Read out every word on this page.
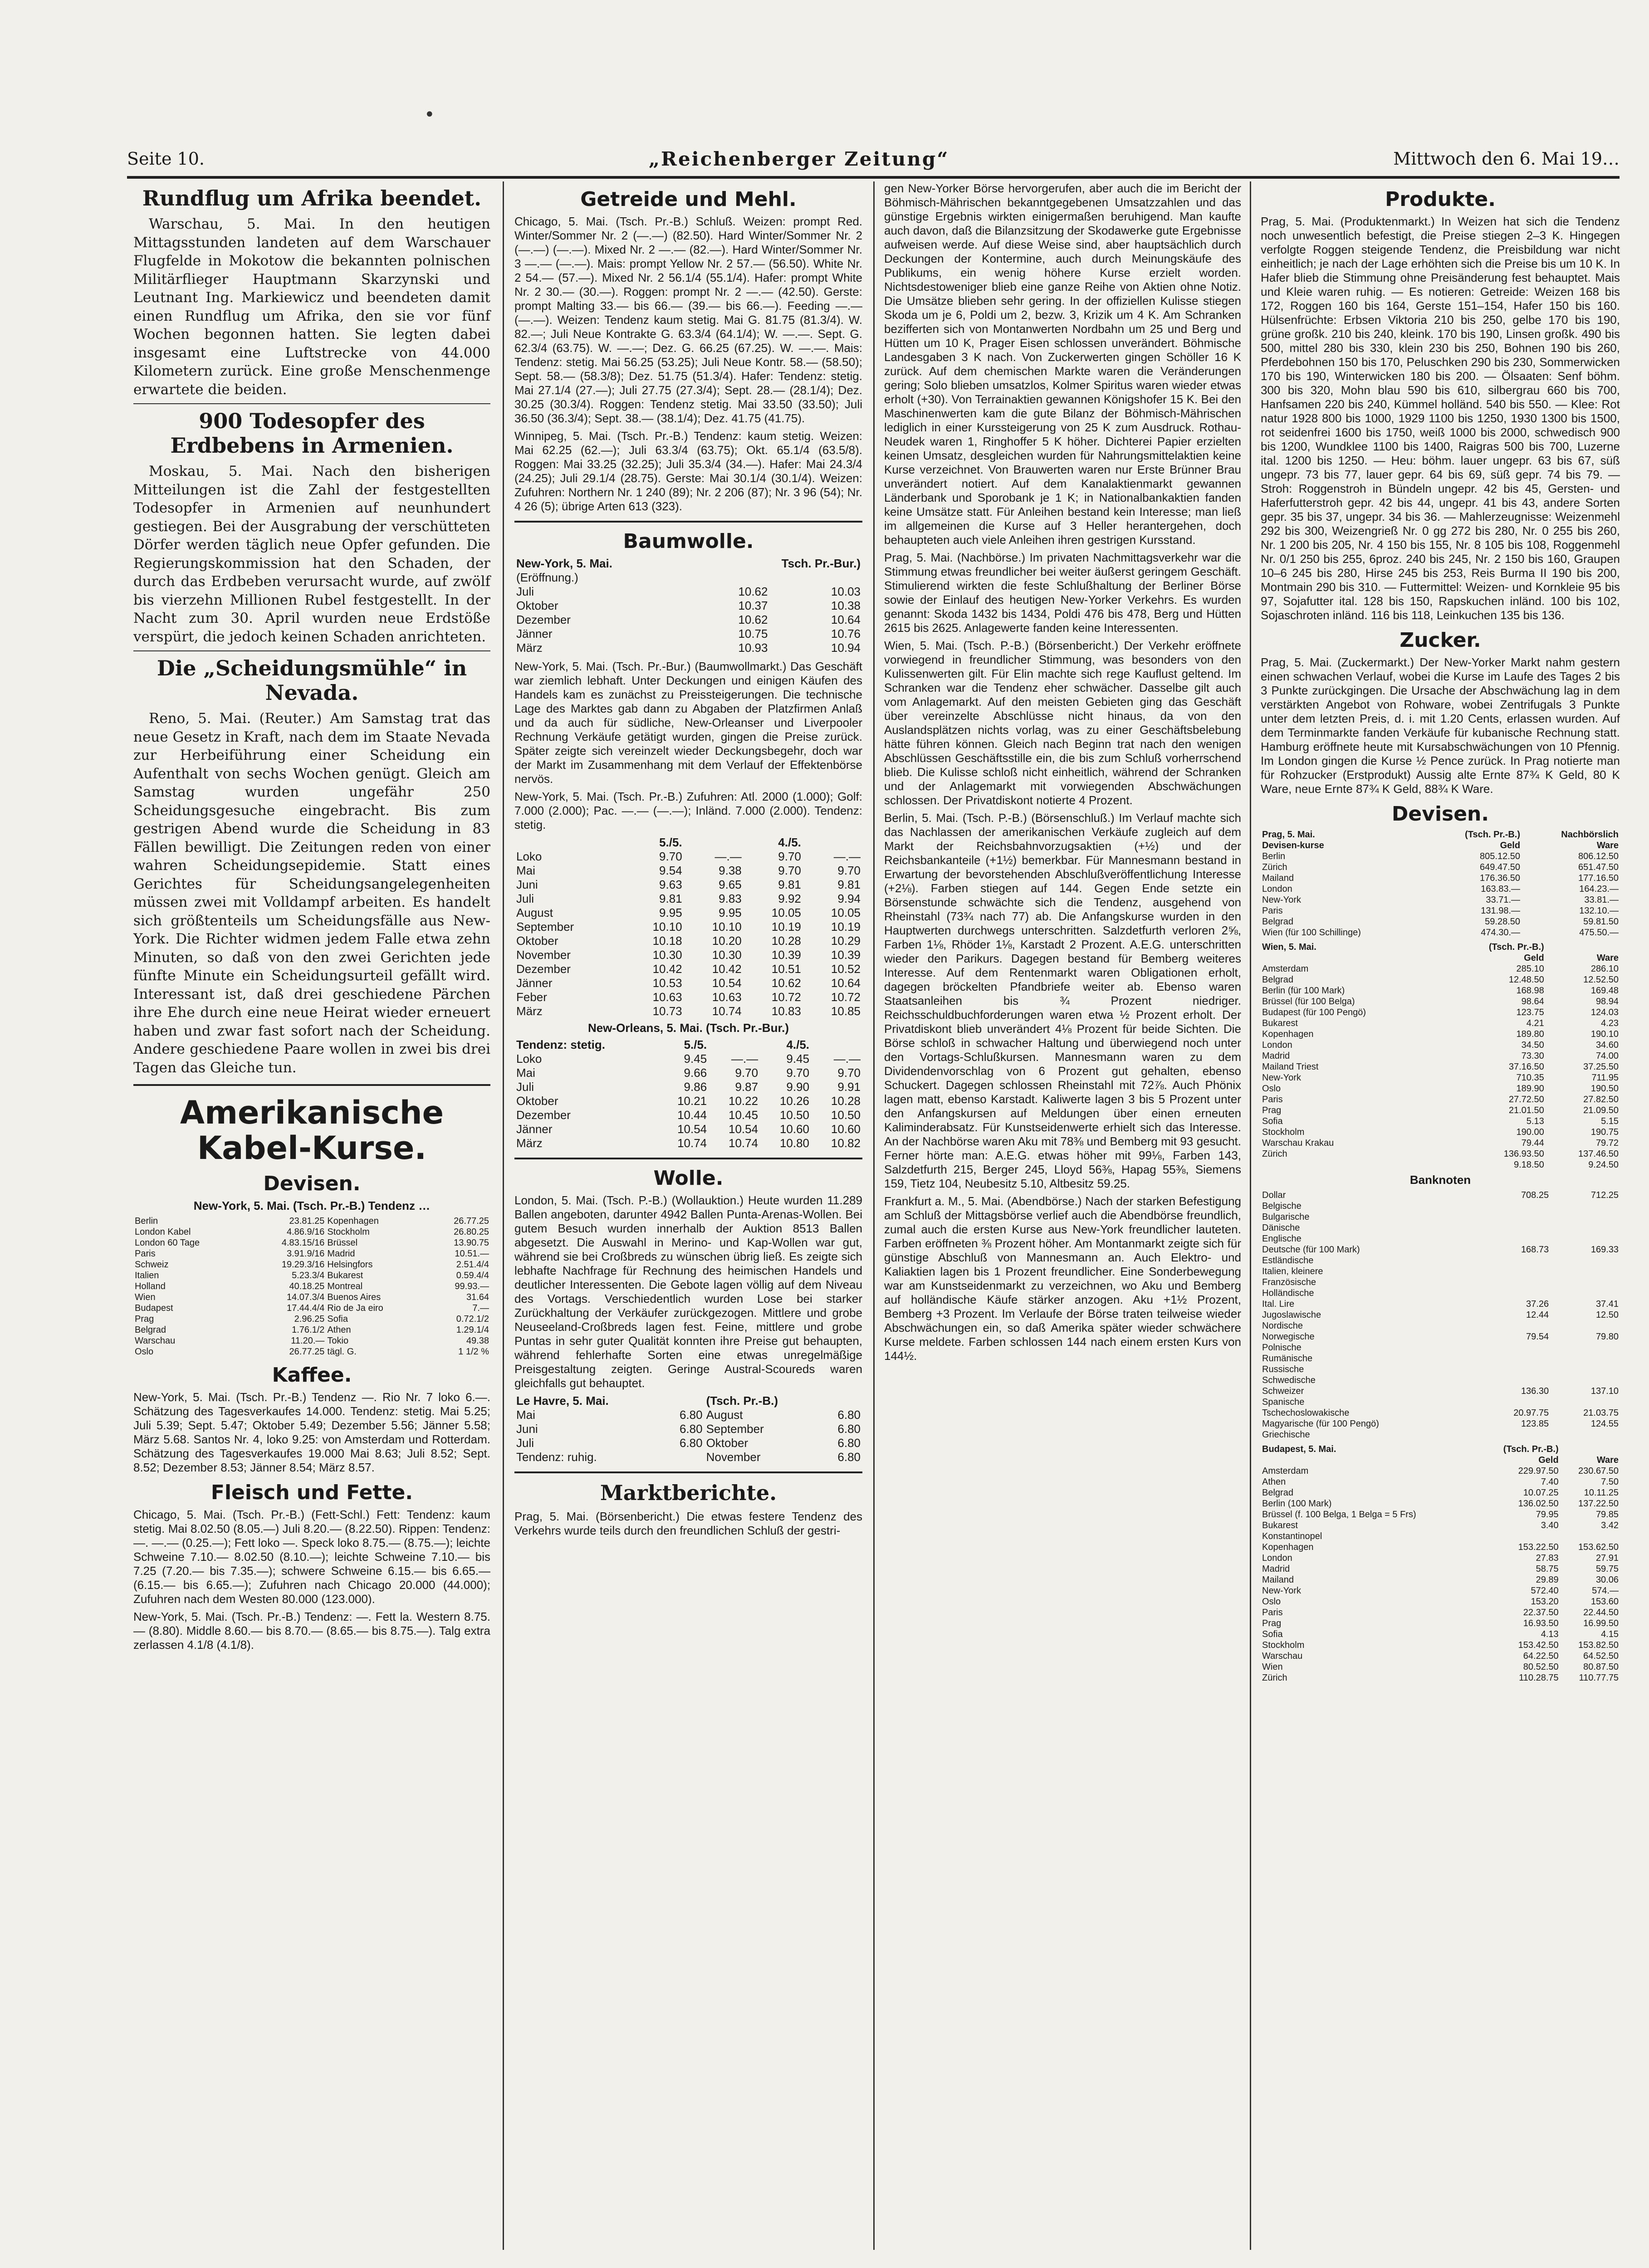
Seite 10.	„Reichenberger Zeitung“	Mittwoch den 6. Mai 19…
Rundflug um Afrika beendet.

Warschau, 5. Mai. In den heutigen Mittagsstunden landeten auf dem Warschauer Flugfelde in Mokotow die bekannten polnischen Militärflieger Hauptmann Skarzynski und Leutnant Ing. Markiewicz und beendeten damit einen Rundflug um Afrika, den sie vor fünf Wochen begonnen hatten. Sie legten dabei insgesamt eine Luftstrecke von 44.000 Kilometern zurück. Eine große Menschenmenge erwartete die beiden.

900 Todesopfer des Erdbebens in Armenien.

Moskau, 5. Mai. Nach den bisherigen Mitteilungen ist die Zahl der festgestellten Todesopfer in Armenien auf neunhundert gestiegen. Bei der Ausgrabung der verschütteten Dörfer werden täglich neue Opfer gefunden. Die Regierungskommission hat den Schaden, der durch das Erdbeben verursacht wurde, auf zwölf bis vierzehn Millionen Rubel festgestellt. In der Nacht zum 30. April wurden neue Erdstöße verspürt, die jedoch keinen Schaden anrichteten.

Die „Scheidungsmühle“ in Nevada.

Reno, 5. Mai. (Reuter.) Am Samstag trat das neue Gesetz in Kraft, nach dem im Staate Nevada zur Herbeiführung einer Scheidung ein Aufenthalt von sechs Wochen genügt. Gleich am Samstag wurden ungefähr 250 Scheidungsgesuche eingebracht. Bis zum gestrigen Abend wurde die Scheidung in 83 Fällen bewilligt. Die Zeitungen reden von einer wahren Scheidungsepidemie. Statt eines Gerichtes für Scheidungsangelegenheiten müssen zwei mit Volldampf arbeiten. Es handelt sich größtenteils um Scheidungsfälle aus New-York. Die Richter widmen jedem Falle etwa zehn Minuten, so daß von den zwei Gerichten jede fünfte Minute ein Scheidungsurteil gefällt wird. Interessant ist, daß drei geschiedene Pärchen ihre Ehe durch eine neue Heirat wieder erneuert haben und zwar fast sofort nach der Scheidung. Andere geschiedene Paare wollen in zwei bis drei Tagen das Gleiche tun.

Amerikanische Kabel-Kurse.
Devisen.
New-York, 5. Mai. (Tsch. Pr.-B.) Tendenz …
Berlin	23.81.25	Kopenhagen	26.77.25
London Kabel	4.86.9/16	Stockholm	26.80.25
London 60 Tage	4.83.15/16	Brüssel	13.90.75
Paris	3.91.9/16	Madrid	10.51.—
Schweiz	19.29.3/16	Helsingfors	2.51.4/4
Italien	5.23.3/4	Bukarest	0.59.4/4
Holland	40.18.25	Montreal	99.93.—
Wien	14.07.3/4	Buenos Aires	31.64
Budapest	17.44.4/4	Rio de Ja eiro	7.—
Prag	2.96.25	Sofia	0.72.1/2
Belgrad	1.76.1/2	Athen	1.29.1/4
Warschau	11.20.—	Tokio	49.38
Oslo	26.77.25	tägl. G.	1 1/2 %
Kaffee.

New-York, 5. Mai. (Tsch. Pr.-B.) Tendenz —. Rio Nr. 7 loko 6.—. Schätzung des Tagesverkaufes 14.000. Tendenz: stetig. Mai 5.25; Juli 5.39; Sept. 5.47; Oktober 5.49; Dezember 5.56; Jänner 5.58; März 5.68. Santos Nr. 4, loko 9.25: von Amsterdam und Rotterdam. Schätzung des Tagesverkaufes 19.000 Mai 8.63; Juli 8.52; Sept. 8.52; Dezember 8.53; Jänner 8.54; März 8.57.

Fleisch und Fette.

Chicago, 5. Mai. (Tsch. Pr.-B.) (Fett-Schl.) Fett: Tendenz: kaum stetig. Mai 8.02.50 (8.05.—) Juli 8.20.— (8.22.50). Rippen: Tendenz: —. —.— (0.25.—); Fett loko —. Speck loko 8.75.— (8.75.—); leichte Schweine 7.10.— 8.02.50 (8.10.—); leichte Schweine 7.10.— bis 7.25 (7.20.— bis 7.35.—); schwere Schweine 6.15.— bis 6.65.— (6.15.— bis 6.65.—); Zufuhren nach Chicago 20.000 (44.000); Zufuhren nach dem Westen 80.000 (123.000).

New-York, 5. Mai. (Tsch. Pr.-B.) Tendenz: —. Fett la. Western 8.75.— (8.80). Middle 8.60.— bis 8.70.— (8.65.— bis 8.75.—). Talg extra zerlassen 4.1/8 (4.1/8).

Getreide und Mehl.

Chicago, 5. Mai. (Tsch. Pr.-B.) Schluß. Weizen: prompt Red. Winter/Sommer Nr. 2 (—.—) (82.50). Hard Winter/Sommer Nr. 2 (—.—) (—.—). Mixed Nr. 2 —.— (82.—). Hard Winter/Sommer Nr. 3 —.— (—.—). Mais: prompt Yellow Nr. 2 57.— (56.50). White Nr. 2 54.— (57.—). Mixed Nr. 2 56.1/4 (55.1/4). Hafer: prompt White Nr. 2 30.— (30.—). Roggen: prompt Nr. 2 —.— (42.50). Gerste: prompt Malting 33.— bis 66.— (39.— bis 66.—). Feeding —.— (—.—). Weizen: Tendenz kaum stetig. Mai G. 81.75 (81.3/4). W. 82.—; Juli Neue Kontrakte G. 63.3/4 (64.1/4); W. —.—. Sept. G. 62.3/4 (63.75). W. —.—; Dez. G. 66.25 (67.25). W. —.—. Mais: Tendenz: stetig. Mai 56.25 (53.25); Juli Neue Kontr. 58.— (58.50); Sept. 58.— (58.3/8); Dez. 51.75 (51.3/4). Hafer: Tendenz: stetig. Mai 27.1/4 (27.—); Juli 27.75 (27.3/4); Sept. 28.— (28.1/4); Dez. 30.25 (30.3/4). Roggen: Tendenz stetig. Mai 33.50 (33.50); Juli 36.50 (36.3/4); Sept. 38.— (38.1/4); Dez. 41.75 (41.75).

Winnipeg, 5. Mai. (Tsch. Pr.-B.) Tendenz: kaum stetig. Weizen: Mai 62.25 (62.—); Juli 63.3/4 (63.75); Okt. 65.1/4 (63.5/8). Roggen: Mai 33.25 (32.25); Juli 35.3/4 (34.—). Hafer: Mai 24.3/4 (24.25); Juli 29.1/4 (28.75). Gerste: Mai 30.1/4 (30.1/4). Weizen: Zufuhren: Northern Nr. 1 240 (89); Nr. 2 206 (87); Nr. 3 96 (54); Nr. 4 26 (5); übrige Arten 613 (323).

Baumwolle.
New-York, 5. Mai.	Tsch. Pr.-Bur.)
(Eröffnung.)	
Juli	10.62	10.03
Oktober	10.37	10.38
Dezember	10.62	10.64
Jänner	10.75	10.76
März	10.93	10.94

New-York, 5. Mai. (Tsch. Pr.-Bur.) (Baumwollmarkt.) Das Geschäft war ziemlich lebhaft. Unter Deckungen und einigen Käufen des Handels kam es zunächst zu Preissteigerungen. Die technische Lage des Marktes gab dann zu Abgaben der Platzfirmen Anlaß und da auch für südliche, New-Orleanser und Liverpooler Rechnung Verkäufe getätigt wurden, gingen die Preise zurück. Später zeigte sich vereinzelt wieder Deckungsbegehr, doch war der Markt im Zusammenhang mit dem Verlauf der Effektenbörse nervös.

New-York, 5. Mai. (Tsch. Pr.-B.) Zufuhren: Atl. 2000 (1.000); Golf: 7.000 (2.000); Pac. —.— (—.—); Inländ. 7.000 (2.000). Tendenz: stetig.

	5./5.		4./5.	
Loko	9.70	—.—	9.70	—.—
Mai	9.54	9.38	9.70	9.70
Juni	9.63	9.65	9.81	9.81
Juli	9.81	9.83	9.92	9.94
August	9.95	9.95	10.05	10.05
September	10.10	10.10	10.19	10.19
Oktober	10.18	10.20	10.28	10.29
November	10.30	10.30	10.39	10.39
Dezember	10.42	10.42	10.51	10.52
Jänner	10.53	10.54	10.62	10.64
Feber	10.63	10.63	10.72	10.72
März	10.73	10.74	10.83	10.85
New-Orleans, 5. Mai. (Tsch. Pr.-Bur.)
Tendenz: stetig.	5./5.		4./5.	
Loko	9.45	—.—	9.45	—.—
Mai	9.66	9.70	9.70	9.70
Juli	9.86	9.87	9.90	9.91
Oktober	10.21	10.22	10.26	10.28
Dezember	10.44	10.45	10.50	10.50
Jänner	10.54	10.54	10.60	10.60
März	10.74	10.74	10.80	10.82
Wolle.

London, 5. Mai. (Tsch. P.-B.) (Wollauktion.) Heute wurden 11.289 Ballen angeboten, darunter 4942 Ballen Punta-Arenas-Wollen. Bei gutem Besuch wurden innerhalb der Auktion 8513 Ballen abgesetzt. Die Auswahl in Merino- und Kap-Wollen war gut, während sie bei Croßbreds zu wünschen übrig ließ. Es zeigte sich lebhafte Nachfrage für Rechnung des heimischen Handels und deutlicher Interessenten. Die Gebote lagen völlig auf dem Niveau des Vortags. Verschiedentlich wurden Lose bei starker Zurückhaltung der Verkäufer zurückgezogen. Mittlere und grobe Neuseeland-Croßbreds lagen fest. Feine, mittlere und grobe Puntas in sehr guter Qualität konnten ihre Preise gut behaupten, während fehlerhafte Sorten eine etwas unregelmäßige Preisgestaltung zeigten. Geringe Austral-Scoureds waren gleichfalls gut behauptet.

Le Havre, 5. Mai.		(Tsch. Pr.-B.)	
Mai	6.80	August	6.80
Juni	6.80	September	6.80
Juli	6.80	Oktober	6.80
Tendenz: ruhig.		November	6.80
Marktberichte.

Prag, 5. Mai. (Börsenbericht.) Die etwas festere Tendenz des Verkehrs wurde teils durch den freundlichen Schluß der gestri-

gen New-Yorker Börse hervorgerufen, aber auch die im Bericht der Böhmisch-Mährischen bekanntgegebenen Umsatzzahlen und das günstige Ergebnis wirkten einigermaßen beruhigend. Man kaufte auch davon, daß die Bilanzsitzung der Skodawerke gute Ergebnisse aufweisen werde. Auf diese Weise sind, aber hauptsächlich durch Deckungen der Kontermine, auch durch Meinungskäufe des Publikums, ein wenig höhere Kurse erzielt worden. Nichtsdestoweniger blieb eine ganze Reihe von Aktien ohne Notiz. Die Umsätze blieben sehr gering. In der offiziellen Kulisse stiegen Skoda um je 6, Poldi um 2, bezw. 3, Krizik um 4 K. Am Schranken bezifferten sich von Montanwerten Nordbahn um 25 und Berg und Hütten um 10 K, Prager Eisen schlossen unverändert. Böhmische Landesgaben 3 K nach. Von Zuckerwerten gingen Schöller 16 K zurück. Auf dem chemischen Markte waren die Veränderungen gering; Solo blieben umsatzlos, Kolmer Spiritus waren wieder etwas erholt (+30). Von Terrainaktien gewannen Königshofer 15 K. Bei den Maschinenwerten kam die gute Bilanz der Böhmisch-Mährischen lediglich in einer Kurssteigerung von 25 K zum Ausdruck. Rothau-Neudek waren 1, Ringhoffer 5 K höher. Dichterei Papier erzielten keinen Umsatz, desgleichen wurden für Nahrungsmittelaktien keine Kurse verzeichnet. Von Brauwerten waren nur Erste Brünner Brau unverändert notiert. Auf dem Kanalaktienmarkt gewannen Länderbank und Sporobank je 1 K; in Nationalbankaktien fanden keine Umsätze statt. Für Anleihen bestand kein Interesse; man ließ im allgemeinen die Kurse auf 3 Heller herantergehen, doch behaupteten auch viele Anleihen ihren gestrigen Kursstand.

Prag, 5. Mai. (Nachbörse.) Im privaten Nachmittagsverkehr war die Stimmung etwas freundlicher bei weiter äußerst geringem Geschäft. Stimulierend wirkten die feste Schlußhaltung der Berliner Börse sowie der Einlauf des heutigen New-Yorker Verkehrs. Es wurden genannt: Skoda 1432 bis 1434, Poldi 476 bis 478, Berg und Hütten 2615 bis 2625. Anlagewerte fanden keine Interessenten.

Wien, 5. Mai. (Tsch. P.-B.) (Börsenbericht.) Der Verkehr eröffnete vorwiegend in freundlicher Stimmung, was besonders von den Kulissenwerten gilt. Für Elin machte sich rege Kauflust geltend. Im Schranken war die Tendenz eher schwächer. Dasselbe gilt auch vom Anlagemarkt. Auf den meisten Gebieten ging das Geschäft über vereinzelte Abschlüsse nicht hinaus, da von den Auslandsplätzen nichts vorlag, was zu einer Geschäftsbelebung hätte führen können. Gleich nach Beginn trat nach den wenigen Abschlüssen Geschäftsstille ein, die bis zum Schluß vorherrschend blieb. Die Kulisse schloß nicht einheitlich, während der Schranken und der Anlagemarkt mit vorwiegenden Abschwächungen schlossen. Der Privatdiskont notierte 4 Prozent.

Berlin, 5. Mai. (Tsch. P.-B.) (Börsenschluß.) Im Verlauf machte sich das Nachlassen der amerikanischen Verkäufe zugleich auf dem Markt der Reichsbahnvorzugsaktien (+½) und der Reichsbankanteile (+1½) bemerkbar. Für Mannesmann bestand in Erwartung der bevorstehenden Abschlußveröffentlichung Interesse (+2⅛). Farben stiegen auf 144. Gegen Ende setzte ein Börsenstunde schwächte sich die Tendenz, ausgehend von Rheinstahl (73¾ nach 77) ab. Die Anfangskurse wurden in den Hauptwerten durchwegs unterschritten. Salzdetfurth verloren 2⅝, Farben 1⅛, Rhöder 1⅛, Karstadt 2 Prozent. A.E.G. unterschritten wieder den Parikurs. Dagegen bestand für Bemberg weiteres Interesse. Auf dem Rentenmarkt waren Obligationen erholt, dagegen bröckelten Pfandbriefe weiter ab. Ebenso waren Staatsanleihen bis ¾ Prozent niedriger. Reichsschuldbuchforderungen waren etwa ½ Prozent erholt. Der Privatdiskont blieb unverändert 4⅛ Prozent für beide Sichten. Die Börse schloß in schwacher Haltung und überwiegend noch unter den Vortags-Schlußkursen. Mannesmann waren zu dem Dividendenvorschlag von 6 Prozent gut gehalten, ebenso Schuckert. Dagegen schlossen Rheinstahl mit 72⅞. Auch Phönix lagen matt, ebenso Karstadt. Kaliwerte lagen 3 bis 5 Prozent unter den Anfangskursen auf Meldungen über einen erneuten Kaliminderabsatz. Für Kunstseidenwerte erhielt sich das Interesse. An der Nachbörse waren Aku mit 78⅜ und Bemberg mit 93 gesucht. Ferner hörte man: A.E.G. etwas höher mit 99⅛, Farben 143, Salzdetfurth 215, Berger 245, Lloyd 56⅜, Hapag 55⅜, Siemens 159, Tietz 104, Neubesitz 5.10, Altbesitz 59.25.

Frankfurt a. M., 5. Mai. (Abendbörse.) Nach der starken Befestigung am Schluß der Mittagsbörse verlief auch die Abendbörse freundlich, zumal auch die ersten Kurse aus New-York freundlicher lauteten. Farben eröffneten ⅜ Prozent höher. Am Montanmarkt zeigte sich für günstige Abschluß von Mannesmann an. Auch Elektro- und Kaliaktien lagen bis 1 Prozent freundlicher. Eine Sonderbewegung war am Kunstseidenmarkt zu verzeichnen, wo Aku und Bemberg auf holländische Käufe stärker anzogen. Aku +1½ Prozent, Bemberg +3 Prozent. Im Verlaufe der Börse traten teilweise wieder Abschwächungen ein, so daß Amerika später wieder schwächere Kurse meldete. Farben schlossen 144 nach einem ersten Kurs von 144½.

Produkte.

Prag, 5. Mai. (Produktenmarkt.) In Weizen hat sich die Tendenz noch unwesentlich befestigt, die Preise stiegen 2–3 K. Hingegen verfolgte Roggen steigende Tendenz, die Preisbildung war nicht einheitlich; je nach der Lage erhöhten sich die Preise bis um 10 K. In Hafer blieb die Stimmung ohne Preisänderung fest behauptet. Mais und Kleie waren ruhig. — Es notieren: Getreide: Weizen 168 bis 172, Roggen 160 bis 164, Gerste 151–154, Hafer 150 bis 160. Hülsenfrüchte: Erbsen Viktoria 210 bis 250, gelbe 170 bis 190, grüne großk. 210 bis 240, kleink. 170 bis 190, Linsen großk. 490 bis 500, mittel 280 bis 330, klein 230 bis 250, Bohnen 190 bis 260, Pferdebohnen 150 bis 170, Peluschken 290 bis 230, Sommerwicken 170 bis 190, Winterwicken 180 bis 200. — Ölsaaten: Senf böhm. 300 bis 320, Mohn blau 590 bis 610, silbergrau 660 bis 700, Hanfsamen 220 bis 240, Kümmel holländ. 540 bis 550. — Klee: Rot natur 1928 800 bis 1000, 1929 1100 bis 1250, 1930 1300 bis 1500, rot seidenfrei 1600 bis 1750, weiß 1000 bis 2000, schwedisch 900 bis 1200, Wundklee 1100 bis 1400, Raigras 500 bis 700, Luzerne ital. 1200 bis 1250. — Heu: böhm. lauer ungepr. 63 bis 67, süß ungepr. 73 bis 77, lauer gepr. 64 bis 69, süß gepr. 74 bis 79. — Stroh: Roggenstroh in Bündeln ungepr. 42 bis 45, Gersten- und Haferfutterstroh gepr. 42 bis 44, ungepr. 41 bis 43, andere Sorten gepr. 35 bis 37, ungepr. 34 bis 36. — Mahlerzeugnisse: Weizenmehl 292 bis 300, Weizengrieß Nr. 0 gg 272 bis 280, Nr. 0 255 bis 260, Nr. 1 200 bis 205, Nr. 4 150 bis 155, Nr. 8 105 bis 108, Roggenmehl Nr. 0/1 250 bis 255, 6proz. 240 bis 245, Nr. 2 150 bis 160, Graupen 10–6 245 bis 280, Hirse 245 bis 253, Reis Burma II 190 bis 200, Montmain 290 bis 310. — Futtermittel: Weizen- und Kornkleie 95 bis 97, Sojafutter ital. 128 bis 150, Rapskuchen inländ. 100 bis 102, Sojaschroten inländ. 116 bis 118, Leinkuchen 135 bis 136.

Zucker.

Prag, 5. Mai. (Zuckermarkt.) Der New-Yorker Markt nahm gestern einen schwachen Verlauf, wobei die Kurse im Laufe des Tages 2 bis 3 Punkte zurückgingen. Die Ursache der Abschwächung lag in dem verstärkten Angebot von Rohware, wobei Zentrifugals 3 Punkte unter dem letzten Preis, d. i. mit 1.20 Cents, erlassen wurden. Auf dem Terminmarkte fanden Verkäufe für kubanische Rechnung statt. Hamburg eröffnete heute mit Kursabschwächungen von 10 Pfennig. Im London gingen die Kurse ½ Pence zurück. In Prag notierte man für Rohzucker (Erstprodukt) Aussig alte Ernte 87¾ K Geld, 80 K Ware, neue Ernte 87¾ K Geld, 88¾ K Ware.

Devisen.
Prag, 5. Mai.	(Tsch. Pr.-B.)	Nachbörslich
Devisen-kurse	Geld	Ware
Berlin	805.12.50	806.12.50
Zürich	649.47.50	651.47.50
Mailand	176.36.50	177.16.50
London	163.83.—	164.23.—
New-York	33.71.—	33.81.—
Paris	131.98.—	132.10.—
Belgrad	59.28.50	59.81.50
Wien (für 100 Schillinge)	474.30.—	475.50.—
Wien, 5. Mai.	(Tsch. Pr.-B.)	
	Geld	Ware
Amsterdam	285.10	286.10
Belgrad	12.48.50	12.52.50
Berlin (für 100 Mark)	168.98	169.48
Brüssel (für 100 Belga)	98.64	98.94
Budapest (für 100 Pengö)	123.75	124.03
Bukarest	4.21	4.23
Kopenhagen	189.80	190.10
London	34.50	34.60
Madrid	73.30	74.00
Mailand Triest	37.16.50	37.25.50
New-York	710.35	711.95
Oslo	189.90	190.50
Paris	27.72.50	27.82.50
Prag	21.01.50	21.09.50
Sofia	5.13	5.15
Stockholm	190.00	190.75
Warschau Krakau	79.44	79.72
Zürich	136.93.50	137.46.50
	9.18.50	9.24.50
Banknoten
Dollar	708.25	712.25
Belgische		
Bulgarische		
Dänische		
Englische		
Deutsche (für 100 Mark)	168.73	169.33
Estländische		
Italien, kleinere		
Französische		
Holländische		
Ital. Lire	37.26	37.41
Jugoslawische	12.44	12.50
Nordische		
Norwegische	79.54	79.80
Polnische		
Rumänische		
Russische		
Schwedische		
Schweizer	136.30	137.10
Spanische		
Tschechoslowakische	20.97.75	21.03.75
Magyarische (für 100 Pengö)	123.85	124.55
Griechische		
Budapest, 5. Mai.	(Tsch. Pr.-B.)	
	Geld	Ware
Amsterdam	229.97.50	230.67.50
Athen	7.40	7.50
Belgrad	10.07.25	10.11.25
Berlin (100 Mark)	136.02.50	137.22.50
Brüssel (f. 100 Belga, 1 Belga = 5 Frs)	79.95	79.85
Bukarest	3.40	3.42
Konstantinopel		
Kopenhagen	153.22.50	153.62.50
London	27.83	27.91
Madrid	58.75	59.75
Mailand	29.89	30.06
New-York	572.40	574.—
Oslo	153.20	153.60
Paris	22.37.50	22.44.50
Prag	16.93.50	16.99.50
Sofia	4.13	4.15
Stockholm	153.42.50	153.82.50
Warschau	64.22.50	64.52.50
Wien	80.52.50	80.87.50
Zürich	110.28.75	110.77.75
•
